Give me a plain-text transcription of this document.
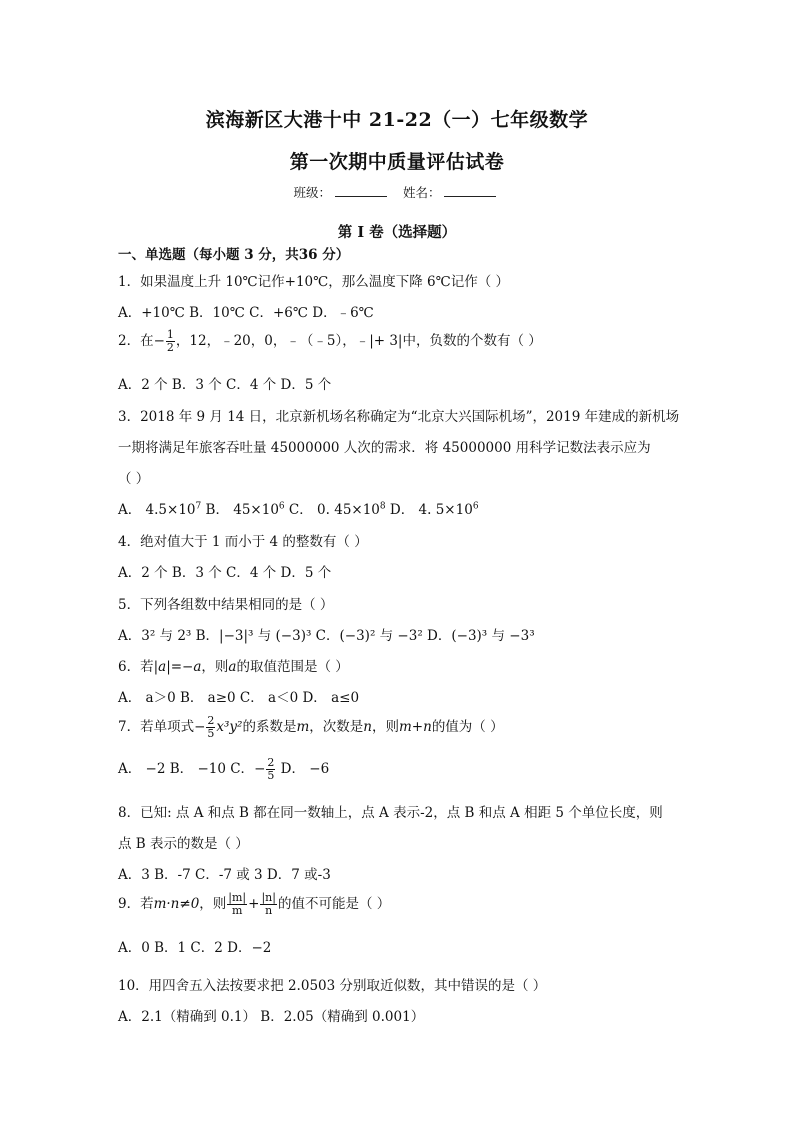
滨海新区大港十中 21-22（一）七年级数学
第一次期中质量评估试卷
班级：	姓名：
第 I 卷（选择题）
一、单选题（每小题 3 分，共36 分）
1．如果温度上升 10℃记作+10℃，那么温度下降 6℃记作（ ）
A．+10℃ B．10℃ C．+6℃ D．﹣6℃
2．在− $\frac{1}{2}$ ，12，﹣20，0，﹣（﹣5），﹣|+ 3|中，负数的个数有（ ）
A．2 个 B．3 个 C．4 个 D．5 个
3．2018 年 9 月 14 日，北京新机场名称确定为“北京大兴国际机场”，2019 年建成的新机场
一期将满足年旅客吞吐量 45000000 人次的需求．将 45000000 用科学记数法表示应为
（ ）
A． $4.5\times 10^7$ B． $45\times 10^6$ C． 0. $45\times 10^8$ D． 4. $5\times 10^6$
4．绝对值大于 1 而小于 4 的整数有（ ）
A．2 个 B．3 个 C．4 个 D．5 个
5．下列各组数中结果相同的是（ ）
A．3² 与 2³ B．|−3|³ 与 (−3)³ C．(−3)² 与 −3² D．(−3)³ 与 −3³
6．若|a|=−a，则a的取值范围是（ ）
A． a＞0 B． a≥0 C． a＜0 D． a≤0
7．若单项式− $\frac{2}{5} x^3y^2$的系数是m，次数是n，则m+n的值为（ ）
A． −2 B． −10 C．− $\frac{2}{5}$ D． −6
8．已知: 点 A 和点 B 都在同一数轴上，点 A 表示-2，点 B 和点 A 相距 5 个单位长度，则
点 B 表示的数是（ ）
A．3 B．-7 C．-7 或 3 D．7 或-3
9．若m·n≠0，则 $\frac{|m|}{m} + \frac{|n|}{n}$ 的值不可能是（ ）
A．0 B．1 C．2 D．−2
10．用四舍五入法按要求把 2.0503 分别取近似数，其中错误的是（ ）
A．2.1（精确到 0.1） B．2.05（精确到 0.001）
